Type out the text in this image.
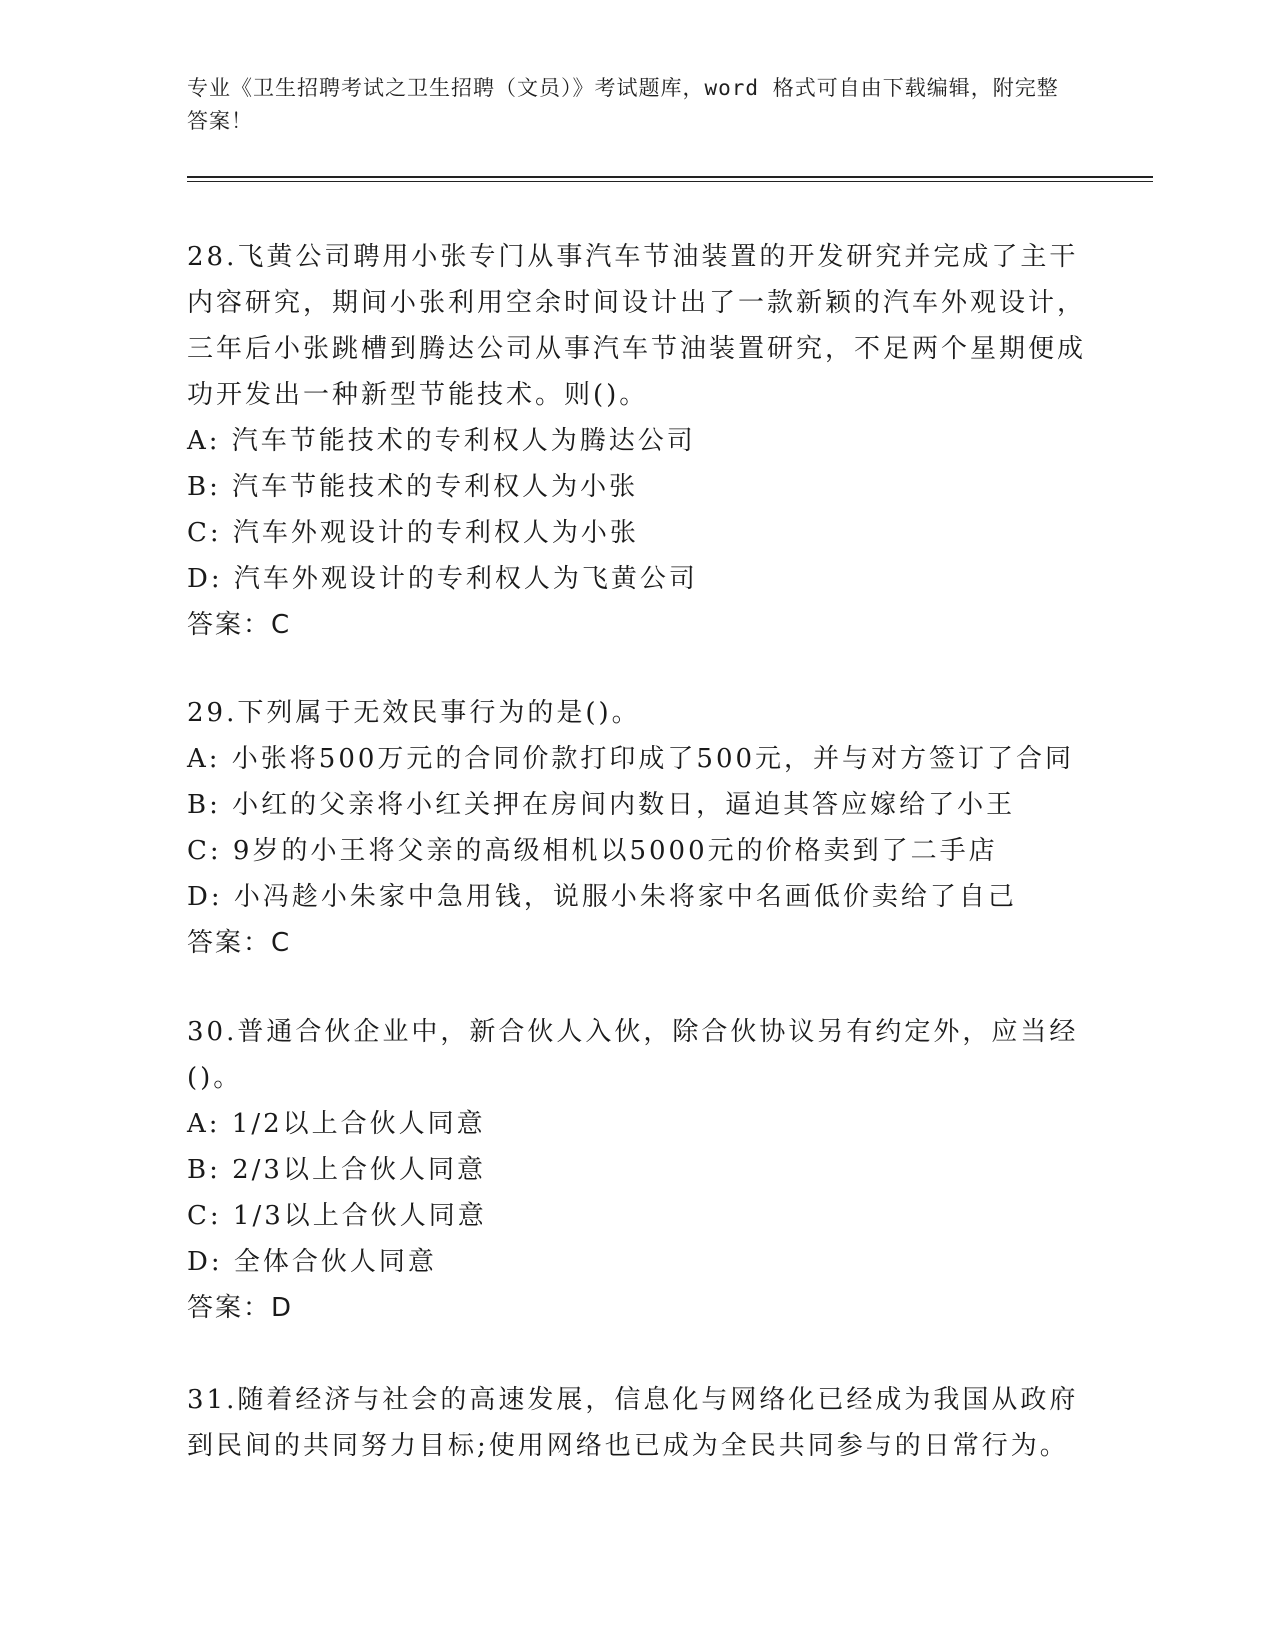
专业《卫生招聘考试之卫生招聘（文员）》考试题库，word 格式可自由下载编辑，附完整答案！

28.飞黄公司聘用小张专门从事汽车节油装置的开发研究并完成了主干内容研究，期间小张利用空余时间设计出了一款新颖的汽车外观设计，三年后小张跳槽到腾达公司从事汽车节油装置研究，不足两个星期便成功开发出一种新型节能技术。则()。

A: 汽车节能技术的专利权人为腾达公司

B: 汽车节能技术的专利权人为小张

C: 汽车外观设计的专利权人为小张

D: 汽车外观设计的专利权人为飞黄公司

答案：C

29.下列属于无效民事行为的是()。

A: 小张将500万元的合同价款打印成了500元，并与对方签订了合同

B: 小红的父亲将小红关押在房间内数日，逼迫其答应嫁给了小王

C: 9岁的小王将父亲的高级相机以5000元的价格卖到了二手店

D: 小冯趁小朱家中急用钱，说服小朱将家中名画低价卖给了自己

答案：C

30.普通合伙企业中，新合伙人入伙，除合伙协议另有约定外，应当经()。

A: 1/2以上合伙人同意

B: 2/3以上合伙人同意

C: 1/3以上合伙人同意

D: 全体合伙人同意

答案：D

31.随着经济与社会的高速发展，信息化与网络化已经成为我国从政府到民间的共同努力目标;使用网络也已成为全民共同参与的日常行为。
